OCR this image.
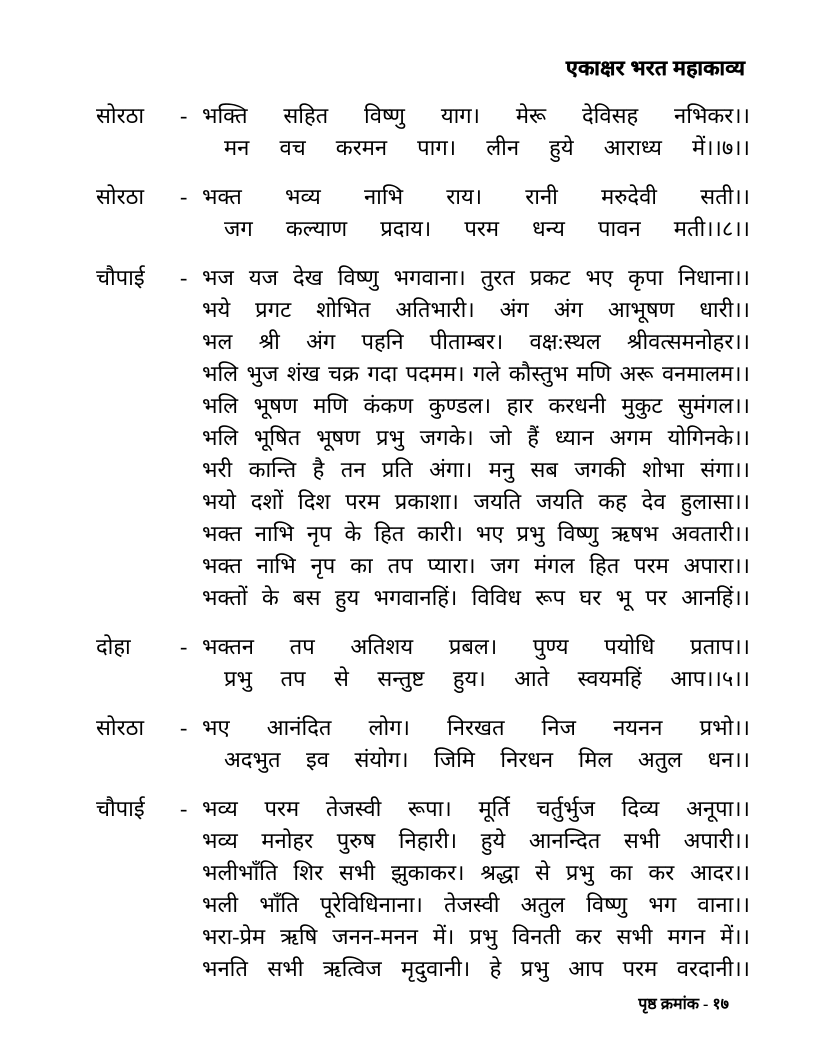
एकाक्षर भरत महाकाव्य
सोरठा	- भक्ति सहित विष्णु याग। मेरू देविसह नभिकर।।
मन वच करमन पाग। लीन हुये आराध्य में।।७।।
सोरठा	- भक्त भव्य नाभि राय। रानी मरुदेवी सती।।
जग कल्याण प्रदाय। परम धन्य पावन मती।।८।।
चौपाई	- भज यज देख विष्णु भगवाना। तुरत प्रकट भए कृपा निधाना।।
भये प्रगट शोभित अतिभारी। अंग अंग आभूषण धारी।।
भल श्री अंग पहनि पीताम्बर। वक्ष:स्थल श्रीवत्समनोहर।।
भलि भुज शंख चक्र गदा पदमम। गले कौस्तुभ मणि अरू वनमालम।।
भलि भूषण मणि कंकण कुण्डल। हार करधनी मुकुट सुमंगल।।
भलि भूषित भूषण प्रभु जगके। जो हैं ध्यान अगम योगिनके।।
भरी कान्ति है तन प्रति अंगा। मनु सब जगकी शोभा संगा।।
भयो दशों दिश परम प्रकाशा। जयति जयति कह देव हुलासा।।
भक्त नाभि नृप के हित कारी। भए प्रभु विष्णु ऋषभ अवतारी।।
भक्त नाभि नृप का तप प्यारा। जग मंगल हित परम अपारा।।
भक्तों के बस हुय भगवानहिं। विविध रूप घर भू पर आनहिं।।
दोहा	- भक्तन तप अतिशय प्रबल। पुण्य पयोधि प्रताप।।
प्रभु तप से सन्तुष्ट हुय। आते स्वयमहिं आप।।५।।
सोरठा	- भए आनंदित लोग। निरखत निज नयनन प्रभो।।
अदभुत इव संयोग। जिमि निरधन मिल अतुल धन।।
चौपाई	- भव्य परम तेजस्वी रूपा। मूर्ति चर्तुर्भुज दिव्य अनूपा।।
भव्य मनोहर पुरुष निहारी। हुये आनन्दित सभी अपारी।।
भलीभाँति शिर सभी झुकाकर। श्रद्धा से प्रभु का कर आदर।।
भली भाँति पूरेविधिनाना। तेजस्वी अतुल विष्णु भग वाना।।
भरा-प्रेम ऋषि जनन-मनन में। प्रभु विनती कर सभी मगन में।।
भनति सभी ऋत्विज मृदुवानी। हे प्रभु आप परम वरदानी।।
पृष्ठ क्रमांक - १७
